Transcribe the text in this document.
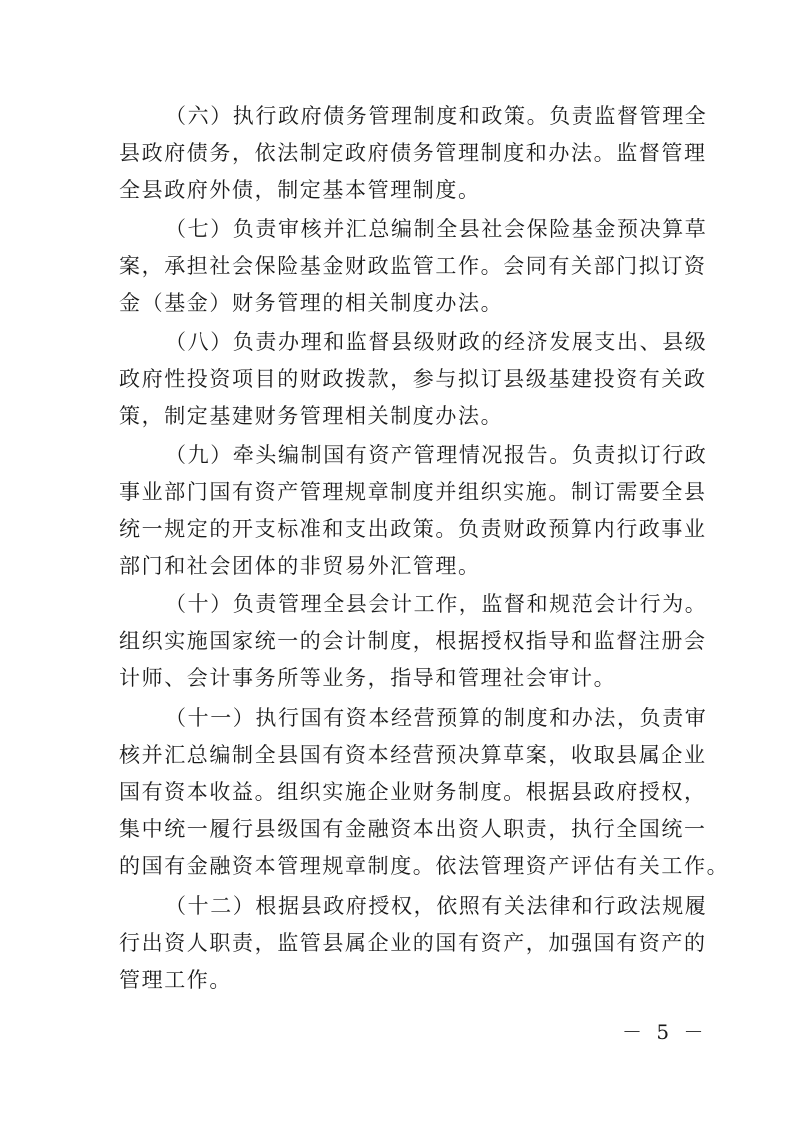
（六）执行政府债务管理制度和政策。负责监督管理全
县政府债务，依法制定政府债务管理制度和办法。监督管理
全县政府外债，制定基本管理制度。
（七）负责审核并汇总编制全县社会保险基金预决算草
案，承担社会保险基金财政监管工作。会同有关部门拟订资
金（基金）财务管理的相关制度办法。
（八）负责办理和监督县级财政的经济发展支出、县级
政府性投资项目的财政拨款，参与拟订县级基建投资有关政
策，制定基建财务管理相关制度办法。
（九）牵头编制国有资产管理情况报告。负责拟订行政
事业部门国有资产管理规章制度并组织实施。制订需要全县
统一规定的开支标准和支出政策。负责财政预算内行政事业
部门和社会团体的非贸易外汇管理。
（十）负责管理全县会计工作，监督和规范会计行为。
组织实施国家统一的会计制度，根据授权指导和监督注册会
计师、会计事务所等业务，指导和管理社会审计。
（十一）执行国有资本经营预算的制度和办法，负责审
核并汇总编制全县国有资本经营预决算草案，收取县属企业
国有资本收益。组织实施企业财务制度。根据县政府授权，
集中统一履行县级国有金融资本出资人职责，执行全国统一
的国有金融资本管理规章制度。依法管理资产评估有关工作。
（十二）根据县政府授权，依照有关法律和行政法规履
行出资人职责，监管县属企业的国有资产，加强国有资产的
管理工作。
－ 5 －
